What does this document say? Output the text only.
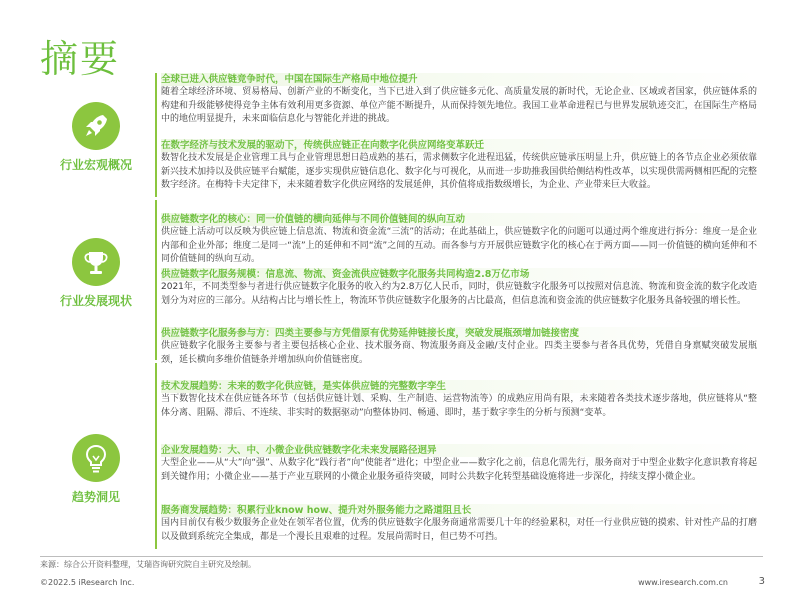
摘要
行业宏观概况
行业发展现状
趋势洞见
全球已进入供应链竞争时代，中国在国际生产格局中地位提升
随着全球经济环境、贸易格局、创新产业的不断变化，当下已进入到了供应链多元化、高质量发展的新时代，无论企业、区域或者国家，供应链体系的构建和升级能够使得竞争主体有效利用更多资源、单位产能不断提升，从而保持领先地位。我国工业革命进程已与世界发展轨迹交汇，在国际生产格局中的地位明显提升，未来面临信息化与智能化并进的挑战。
在数字经济与技术发展的驱动下，传统供应链正在向数字化供应网络变革跃迁
数智化技术发展是企业管理工具与企业管理思想日趋成熟的基石，需求侧数字化进程迅猛，传统供应链承压明显上升，供应链上的各节点企业必须依靠新兴技术加持以及供应链平台赋能，逐步实现供应链信息化、数字化与可视化，从而进一步助推我国供给侧结构性改革，以实现供需两侧相匹配的完整数字经济。在梅特卡夫定律下，未来随着数字化供应网络的发展延伸，其价值将成指数级增长，为企业、产业带来巨大收益。
供应链数字化的核心：同一价值链的横向延伸与不同价值链间的纵向互动
供应链上活动可以反映为供应链上信息流、物流和资金流“三流”的活动；在此基础上，供应链数字化的问题可以通过两个维度进行拆分：维度一是企业内部和企业外部；维度二是同一“流”上的延伸和不同“流”之间的互动。而各参与方开展供应链数字化的核心在于两方面——同一价值链的横向延伸和不同价值链间的纵向互动。
供应链数字化服务规模：信息流、物流、资金流供应链数字化服务共同构造2.8万亿市场
2021年，不同类型参与者进行供应链数字化服务的收入约为2.8万亿人民币，同时，供应链数字化服务可以按照对信息流、物流和资金流的数字化改造划分为对应的三部分。从结构占比与增长性上，物流环节供应链数字化服务的占比最高，但信息流和资金流的供应链数字化服务具备较强的增长性。
供应链数字化服务参与方：四类主要参与方凭借原有优势延伸链接长度，突破发展瓶颈增加链接密度
供应链数字化服务主要参与者主要包括核心企业、技术服务商、物流服务商及金融/支付企业。四类主要参与者各具优势，凭借自身禀赋突破发展瓶颈，延长横向多维价值链条并增加纵向价值链密度。
技术发展趋势：未来的数字化供应链，是实体供应链的完整数字孪生
当下数智化技术在供应链各环节（包括供应链计划、采购、生产制造、运营物流等）的成熟应用尚有限，未来随着各类技术逐步落地，供应链将从“整体分离、阻隔、滞后、不连续、非实时的数据驱动”向整体协同、畅通、即时，基于数字孪生的分析与预测“变革。
企业发展趋势：大、中、小微企业供应链数字化未来发展路径迥异
大型企业——从“大”向“强”、从数字化“践行者”向“使能者”进化；中型企业——数字化之前，信息化需先行，服务商对于中型企业数字化意识教育将起到关键作用；小微企业——基于产业互联网的小微企业服务亟待突破，同时公共数字化转型基础设施将进一步深化，持续支撑小微企业。
服务商发展趋势：积累行业know how、提升对外服务能力之路道阻且长
国内目前仅有极少数服务企业处在领军者位置，优秀的供应链数字化服务商通常需要几十年的经验累积，对任一行业供应链的摸索、针对性产品的打磨以及做到系统完全集成，都是一个漫长且艰难的过程。发展尚需时日，但已势不可挡。
来源：综合公开资料整理，艾瑞咨询研究院自主研究及绘制。
©2022.5 iResearch Inc.	www.iresearch.com.cn	3
